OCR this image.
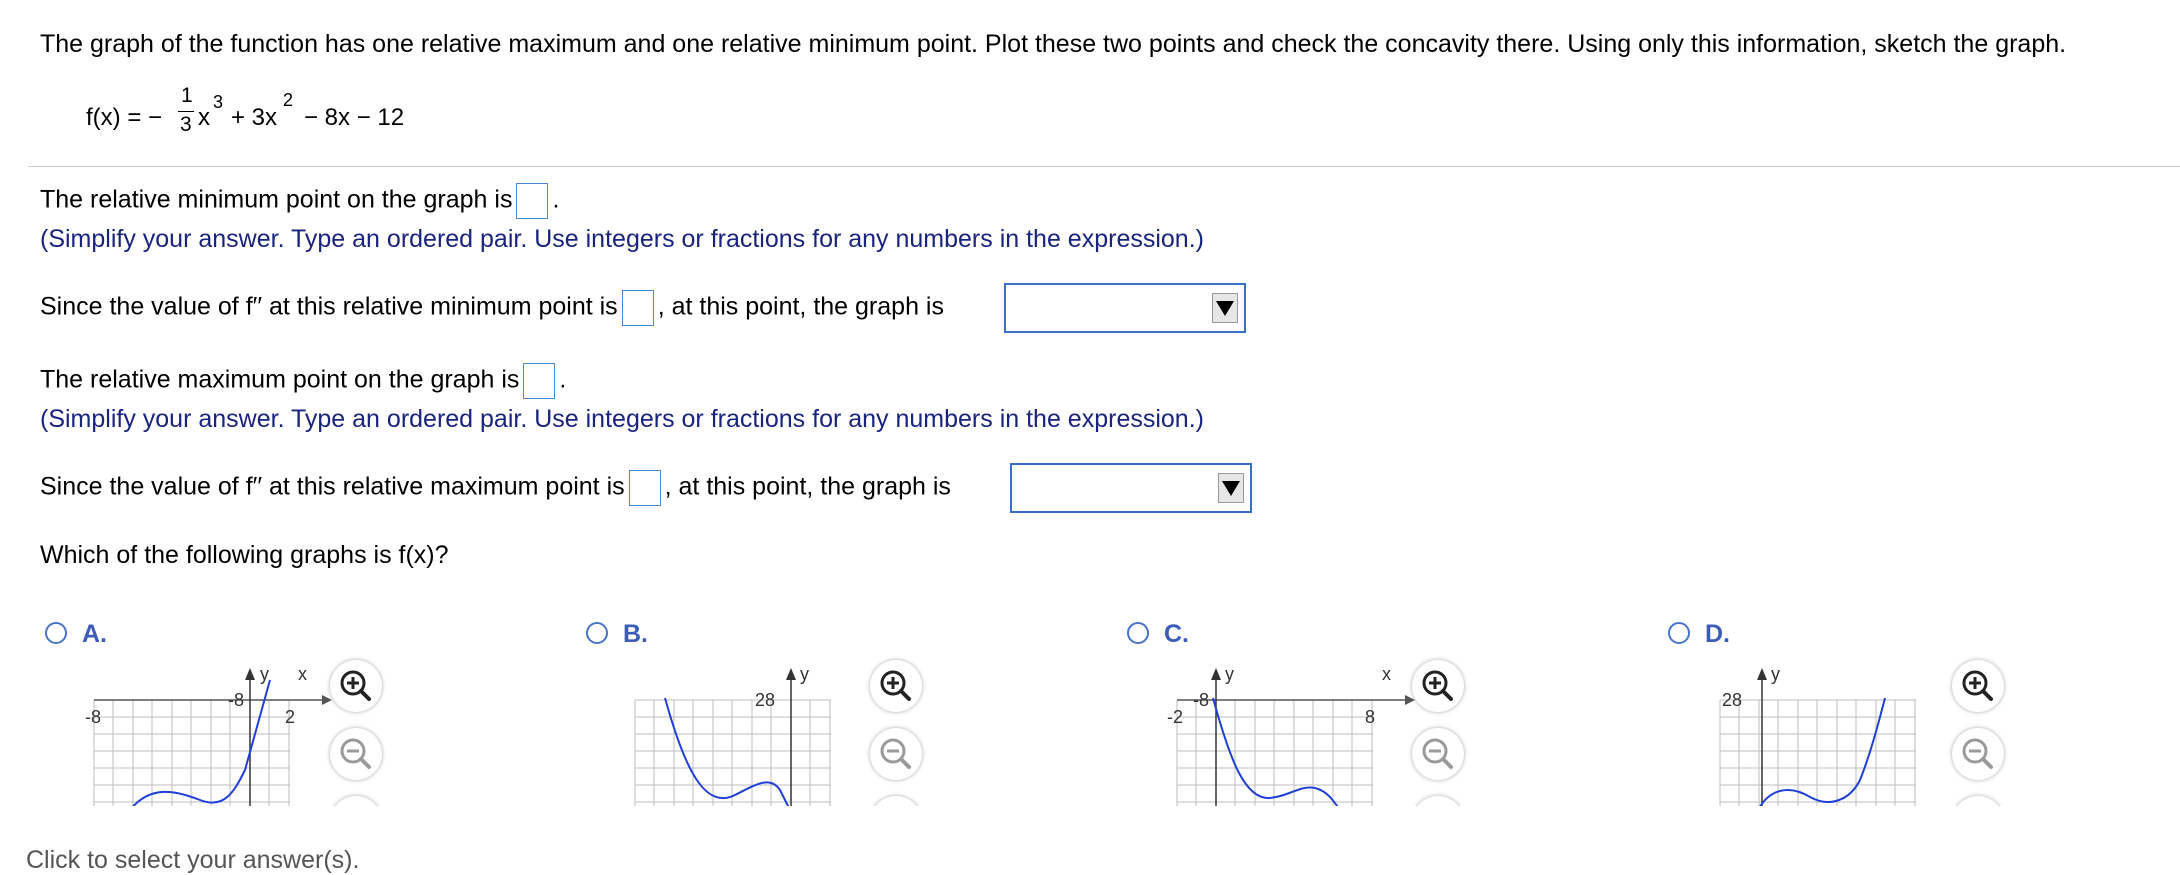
The graph of the function has one relative maximum and one relative minimum point. Plot these two points and check the concavity there. Using only this information, sketch the graph.
f(x) = −
1
3 x
3
+ 3x
2
− 8x − 12
The relative minimum point on the graph is .
(Simplify your answer. Type an ordered pair. Use integers or fractions for any numbers in the expression.)
Since the value of f′′ at this relative minimum point is , at this point, the graph is
The relative maximum point on the graph is .
(Simplify your answer. Type an ordered pair. Use integers or fractions for any numbers in the expression.)
Since the value of f′′ at this relative maximum point is , at this point, the graph is
Which of the following graphs is f(x)?
A.
-8	2
-8
x
y
B.
28
y
C.
-2	8
-8
x
y
D.
28
y
Click to select your answer(s).
